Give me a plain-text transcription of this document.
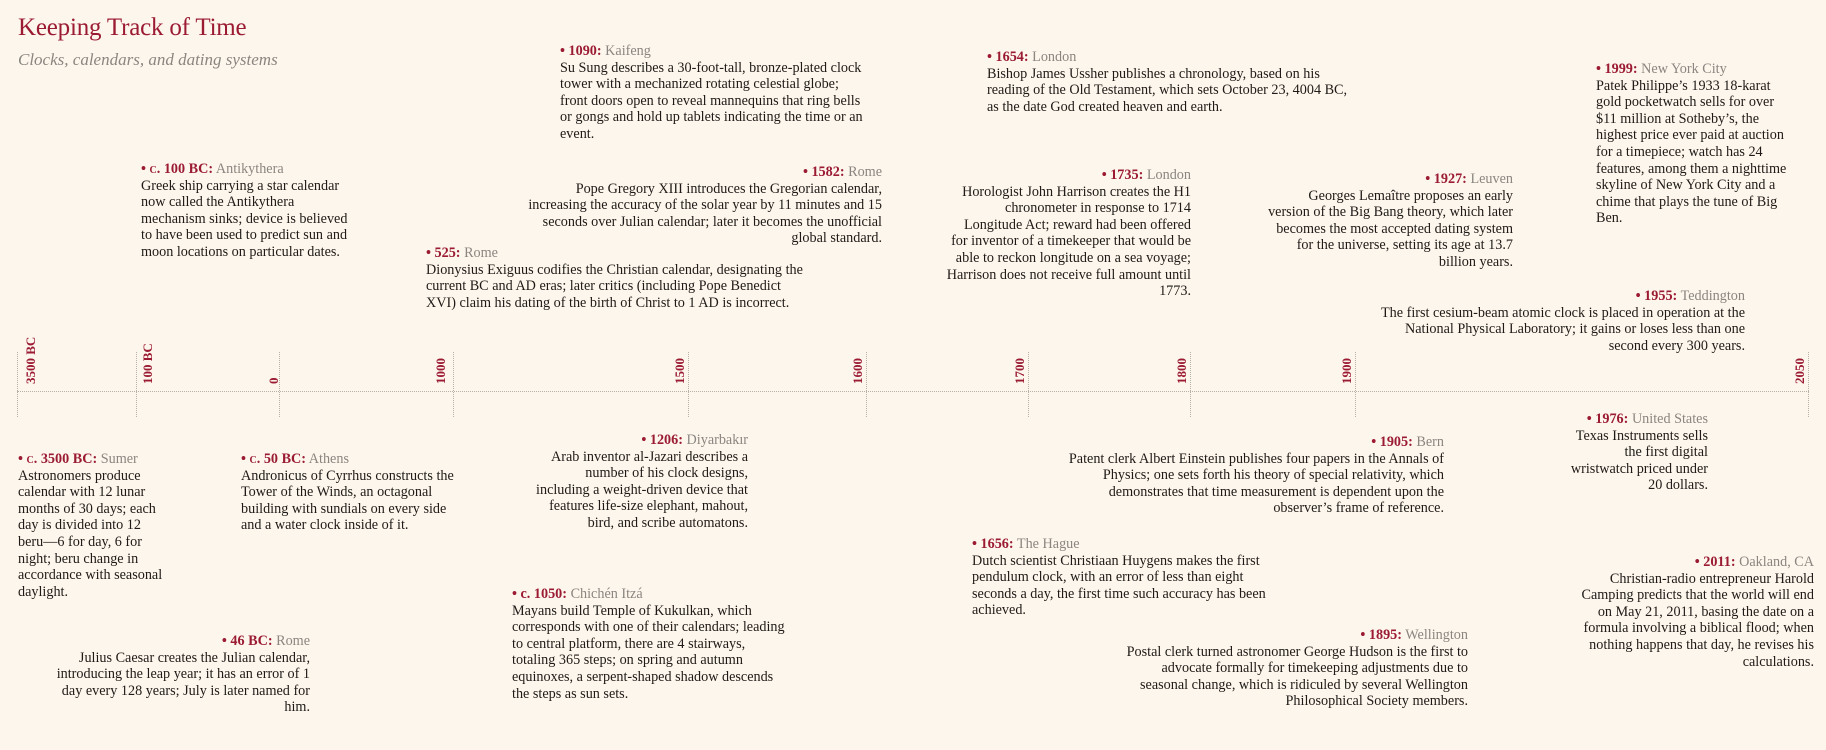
Keeping Track of Time
Clocks, calendars, and dating systems
3500 BC	100 BC	0	1000	1500	1600	1700	1800	1900	2050
• c. 100 BC: Antikythera
Greek ship carrying a star calendar now called the Antikythera mechanism sinks; device is believed to have been used to predict sun and moon locations on particular dates.
• 1090: Kaifeng
Su Sung describes a 30-foot-tall, bronze-plated clock tower with a mechanized rotating celestial globe; front doors open to reveal mannequins that ring bells or gongs and hold up tablets indicating the time or an event.
• 1582: Rome
Pope Gregory XIII introduces the Gregorian calendar, increasing the accuracy of the solar year by 11 minutes and 15 seconds over Julian calendar; later it becomes the unofficial global standard.
• 525: Rome
Dionysius Exiguus codifies the Christian calendar, designating the current BC and AD eras; later critics (including Pope Benedict XVI) claim his dating of the birth of Christ to 1 AD is incorrect.
• 1654: London
Bishop James Ussher publishes a chronology, based on his reading of the Old Testament, which sets October 23, 4004 BC, as the date God created heaven and earth.
• 1735: London
Horologist John Harrison creates the H1 chronometer in response to 1714 Longitude Act; reward had been offered for inventor of a timekeeper that would be able to reckon longitude on a sea voyage; Harrison does not receive full amount until 1773.
• 1927: Leuven
Georges Lemaître proposes an early version of the Big Bang theory, which later becomes the most accepted dating system for the universe, setting its age at 13.7 billion years.
• 1999: New York City
Patek Philippe’s 1933 18-karat gold pocketwatch sells for over $11 million at Sotheby’s, the highest price ever paid at auction for a timepiece; watch has 24 features, among them a nighttime skyline of New York City and a chime that plays the tune of Big Ben.
• 1955: Teddington
The first cesium-beam atomic clock is placed in operation at the National Physical Laboratory; it gains or loses less than one second every 300 years.
• c. 3500 BC: Sumer
Astronomers produce calendar with 12 lunar months of 30 days; each day is divided into 12 beru—6 for day, 6 for night; beru change in accordance with seasonal daylight.
• c. 50 BC: Athens
Andronicus of Cyrrhus constructs the Tower of the Winds, an octagonal building with sundials on every side and a water clock inside of it.
• 46 BC: Rome
Julius Caesar creates the Julian calendar, introducing the leap year; it has an error of 1 day every 128 years; July is later named for him.
• 1206: Diyarbakır
Arab inventor al-Jazari describes a number of his clock designs, including a weight-driven device that features life-size elephant, mahout, bird, and scribe automatons.
• c. 1050: Chichén Itzá
Mayans build Temple of Kukulkan, which corresponds with one of their calendars; leading to central platform, there are 4 stairways, totaling 365 steps; on spring and autumn equinoxes, a serpent-shaped shadow descends the steps as sun sets.
• 1905: Bern
Patent clerk Albert Einstein publishes four papers in the Annals of Physics; one sets forth his theory of special relativity, which demonstrates that time measurement is dependent upon the observer’s frame of reference.
• 1656: The Hague
Dutch scientist Christiaan Huygens makes the first pendulum clock, with an error of less than eight seconds a day, the first time such accuracy has been achieved.
• 1895: Wellington
Postal clerk turned astronomer George Hudson is the first to advocate formally for timekeeping adjustments due to seasonal change, which is ridiculed by several Wellington Philosophical Society members.
• 1976: United States
Texas Instruments sells the first digital wristwatch priced under 20 dollars.
• 2011: Oakland, CA
Christian-radio entrepreneur Harold Camping predicts that the world will end on May 21, 2011, basing the date on a formula involving a biblical flood; when nothing happens that day, he revises his calculations.
